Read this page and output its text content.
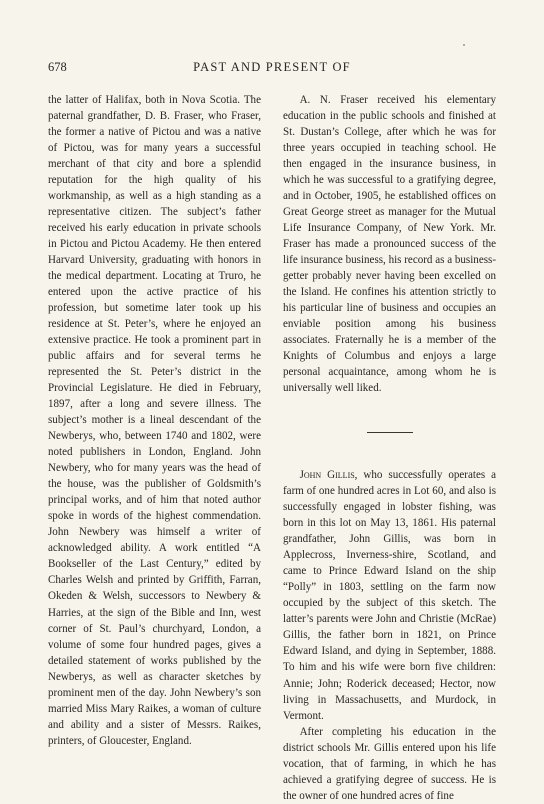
678	PAST AND PRESENT OF

the latter of Halifax, both in Nova Scotia. The paternal grandfather, D. B. Fraser, who Fraser, the former a native of Pictou and was a native of Pictou, was for many years a successful merchant of that city and bore a splendid reputation for the high quality of his workmanship, as well as a high standing as a representative citizen. The subject’s father received his early education in private schools in Pictou and Pictou Academy. He then entered Harvard University, graduating with honors in the medical department. Locating at Truro, he entered upon the active practice of his profession, but sometime later took up his residence at St. Peter’s, where he enjoyed an extensive practice. He took a prominent part in public affairs and for several terms he represented the St. Peter’s district in the Provincial Legislature. He died in February, 1897, after a long and severe illness. The subject’s mother is a lineal descendant of the Newberys, who, between 1740 and 1802, were noted publishers in London, England. John Newbery, who for many years was the head of the house, was the publisher of Goldsmith’s principal works, and of him that noted author spoke in words of the highest commendation. John Newbery was himself a writer of acknowledged ability. A work entitled “A Bookseller of the Last Century,” edited by Charles Welsh and printed by Griffith, Farran, Okeden & Welsh, successors to Newbery & Harries, at the sign of the Bible and Inn, west corner of St. Paul’s churchyard, London, a volume of some four hundred pages, gives a detailed statement of works published by the Newberys, as well as character sketches by prominent men of the day. John Newbery’s son married Miss Mary Raikes, a woman of culture and ability and a sister of Messrs. Raikes, printers, of Gloucester, England.

A. N. Fraser received his elementary education in the public schools and finished at St. Dustan’s College, after which he was for three years occupied in teaching school. He then engaged in the insurance business, in which he was successful to a gratifying degree, and in October, 1905, he established offices on Great George street as manager for the Mutual Life Insurance Company, of New York. Mr. Fraser has made a pronounced success of the life insurance business, his record as a business-getter probably never having been excelled on the Island. He confines his attention strictly to his particular line of business and occupies an enviable position among his business associates. Fraternally he is a member of the Knights of Columbus and enjoys a large personal acquaintance, among whom he is universally well liked.

John Gillis, who successfully operates a farm of one hundred acres in Lot 60, and also is successfully engaged in lobster fishing, was born in this lot on May 13, 1861. His paternal grandfather, John Gillis, was born in Applecross, Inverness-shire, Scotland, and came to Prince Edward Island on the ship “Polly” in 1803, settling on the farm now occupied by the subject of this sketch. The latter’s parents were John and Christie (McRae) Gillis, the father born in 1821, on Prince Edward Island, and dying in September, 1888. To him and his wife were born five children: Annie; John; Roderick deceased; Hector, now living in Massachusetts, and Murdock, in Vermont.

After completing his education in the district schools Mr. Gillis entered upon his life vocation, that of farming, in which he has achieved a gratifying degree of success. He is the owner of one hundred acres of fine
